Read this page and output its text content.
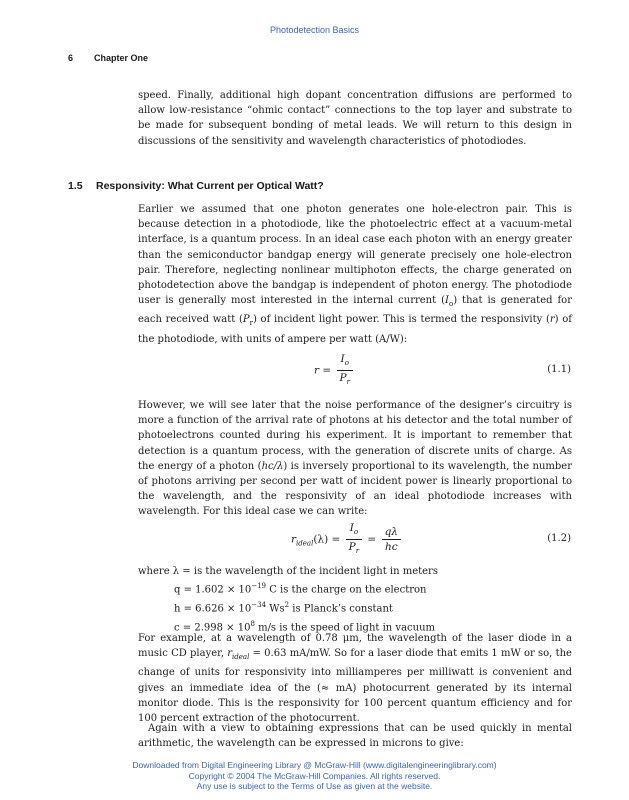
Photodetection Basics
6 Chapter One

speed. Finally, additional high dopant concentration diffusions are performed to allow low-resistance “ohmic contact” connections to the top layer and substrate to be made for subsequent bonding of metal leads. We will return to this design in discussions of the sensitivity and wavelength characteristics of photodiodes.

1.5 Responsivity: What Current per Optical Watt?

Earlier we assumed that one photon generates one hole-electron pair. This is because detection in a photodiode, like the photoelectric effect at a vacuum-metal interface, is a quantum process. In an ideal case each photon with an energy greater than the semiconductor bandgap energy will generate precisely one hole-electron pair. Therefore, neglecting nonlinear multiphoton effects, the charge generated on photodetection above the bandgap is independent of photon energy. The photodiode user is generally most interested in the internal current $(I_o)$ that is generated for each received watt $(P_r)$ of incident light power. This is termed the responsivity (r) of the photodiode, with units of ampere per watt (A/W):

$r = \frac{I_o}{P_r}$	(1.1)

However, we will see later that the noise performance of the designer’s circuitry is more a function of the arrival rate of photons at his detector and the total number of photoelectrons counted during his experiment. It is important to remember that detection is a quantum process, with the generation of discrete units of charge. As the energy of a photon (hc/λ) is inversely proportional to its wavelength, the number of photons arriving per second per watt of incident power is linearly proportional to the wavelength, and the responsivity of an ideal photodiode increases with wavelength. For this ideal case we can write:

$r_{ideal}(\lambda) = \frac{I_o}{P_r} = \frac{q\lambda}{hc}$	(1.2)
where λ = is the wavelength of the incident light in meters
$q = 1.602 \times 10^{-19}$ C is the charge on the electron
$h = 6.626 \times 10^{-34}$ Ws$^2$ is Planck’s constant
$c = 2.998 \times 10^8$ m/s is the speed of light in vacuum

For example, at a wavelength of 0.78 μm, the wavelength of the laser diode in a music CD player, $r_{ideal} = 0.63$ mA/mW. So for a laser diode that emits 1 mW or so, the change of units for responsivity into milliamperes per milliwatt is convenient and gives an immediate idea of the (≈ mA) photocurrent generated by its internal monitor diode. This is the responsivity for 100 percent quantum efficiency and for 100 percent extraction of the photocurrent.

Again with a view to obtaining expressions that can be used quickly in mental arithmetic, the wavelength can be expressed in microns to give:

Downloaded from Digital Engineering Library @ McGraw-Hill (www.digitalengineeringlibrary.com)
Copyright © 2004 The McGraw-Hill Companies. All rights reserved.
Any use is subject to the Terms of Use as given at the website.
